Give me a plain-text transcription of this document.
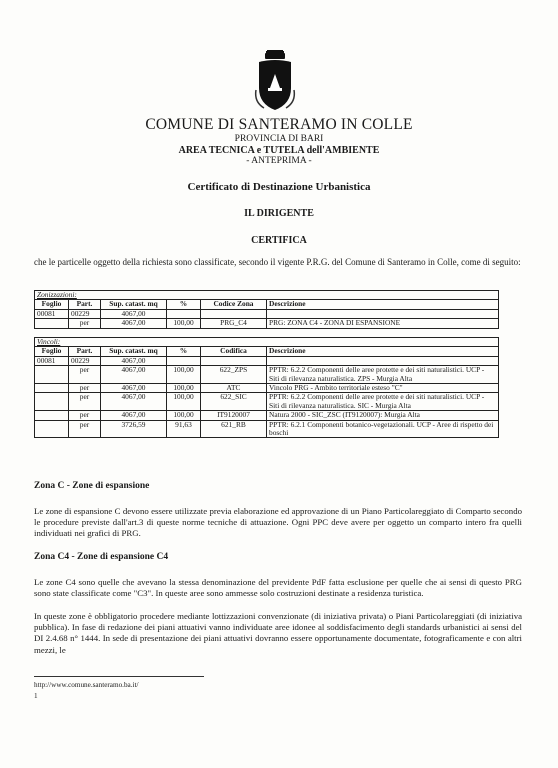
COMUNE DI SANTERAMO IN COLLE
PROVINCIA DI BARI
AREA TECNICA e TUTELA dell'AMBIENTE
- ANTEPRIMA -
Certificato di Destinazione Urbanistica
IL DIRIGENTE
CERTIFICA
che le particelle oggetto della richiesta sono classificate, secondo il vigente P.R.G. del Comune di Santeramo in Colle, come di seguito:
Zonizzazioni:					
Foglio	Part.	Sup. catast. mq	%	Codice Zona	Descrizione
00081	00229	4067,00			
	per	4067,00	100,00	PRG_C4	PRG: ZONA C4 - ZONA DI ESPANSIONE
Vincoli:					
Foglio	Part.	Sup. catast. mq	%	Codifica	Descrizione
00081	00229	4067,00			
	per	4067,00	100,00	622_ZPS	PPTR: 6.2.2 Componenti delle aree protette e dei siti naturalistici. UCP - Siti di rilevanza naturalistica. ZPS - Murgia Alta
	per	4067,00	100,00	ATC	Vincolo PRG - Ambito territoriale esteso "C"
	per	4067,00	100,00	622_SIC	PPTR: 6.2.2 Componenti delle aree protette e dei siti naturalistici. UCP - Siti di rilevanza naturalistica. SIC - Murgia Alta
	per	4067,00	100,00	IT9120007	Natura 2000 - SIC_ZSC (IT9120007): Murgia Alta
	per	3726,59	91,63	621_RB	PPTR: 6.2.1 Componenti botanico-vegetazionali. UCP - Aree di rispetto dei boschi
Zona C - Zone di espansione
Le zone di espansione C devono essere utilizzate previa elaborazione ed approvazione di un Piano Particolareggiato di Comparto secondo le procedure previste dall'art.3 di queste norme tecniche di attuazione. Ogni PPC deve avere per oggetto un comparto intero fra quelli individuati nei grafici di PRG.
Zona C4 - Zone di espansione C4
Le zone C4 sono quelle che avevano la stessa denominazione del previdente PdF fatta esclusione per quelle che ai sensi di questo PRG sono state classificate come "C3". In queste aree sono ammesse solo costruzioni destinate a residenza turistica.
In queste zone è obbligatorio procedere mediante lottizzazioni convenzionate (di iniziativa privata) o Piani Particolareggiati (di iniziativa pubblica). In fase di redazione dei piani attuativi vanno individuate aree idonee al soddisfacimento degli standards urbanistici ai sensi del DI 2.4.68 n° 1444. In sede di presentazione dei piani attuativi dovranno essere opportunamente documentate, fotograficamente e con altri mezzi, le
http://www.comune.santeramo.ba.it/
1
